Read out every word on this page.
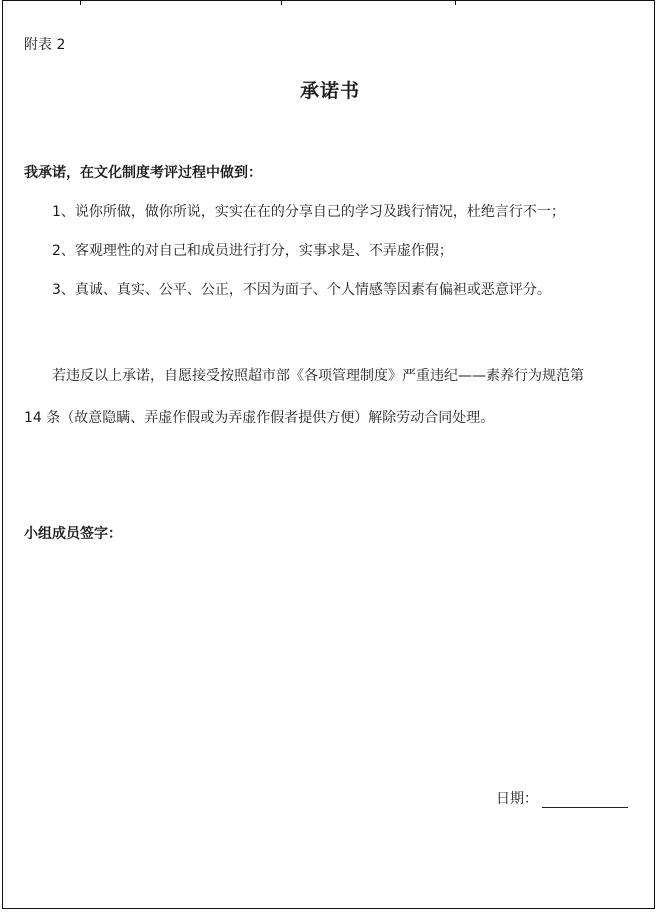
附表 2
承诺书
我承诺，在文化制度考评过程中做到：
1、说你所做，做你所说，实实在在的分享自己的学习及践行情况，杜绝言行不一；
2、客观理性的对自己和成员进行打分，实事求是、不弄虚作假；
3、真诚、真实、公平、公正，不因为面子、个人情感等因素有偏袒或恶意评分。
若违反以上承诺，自愿接受按照超市部《各项管理制度》严重违纪——素养行为规范第
14 条（故意隐瞒、弄虚作假或为弄虚作假者提供方便）解除劳动合同处理。
小组成员签字：
日期：
